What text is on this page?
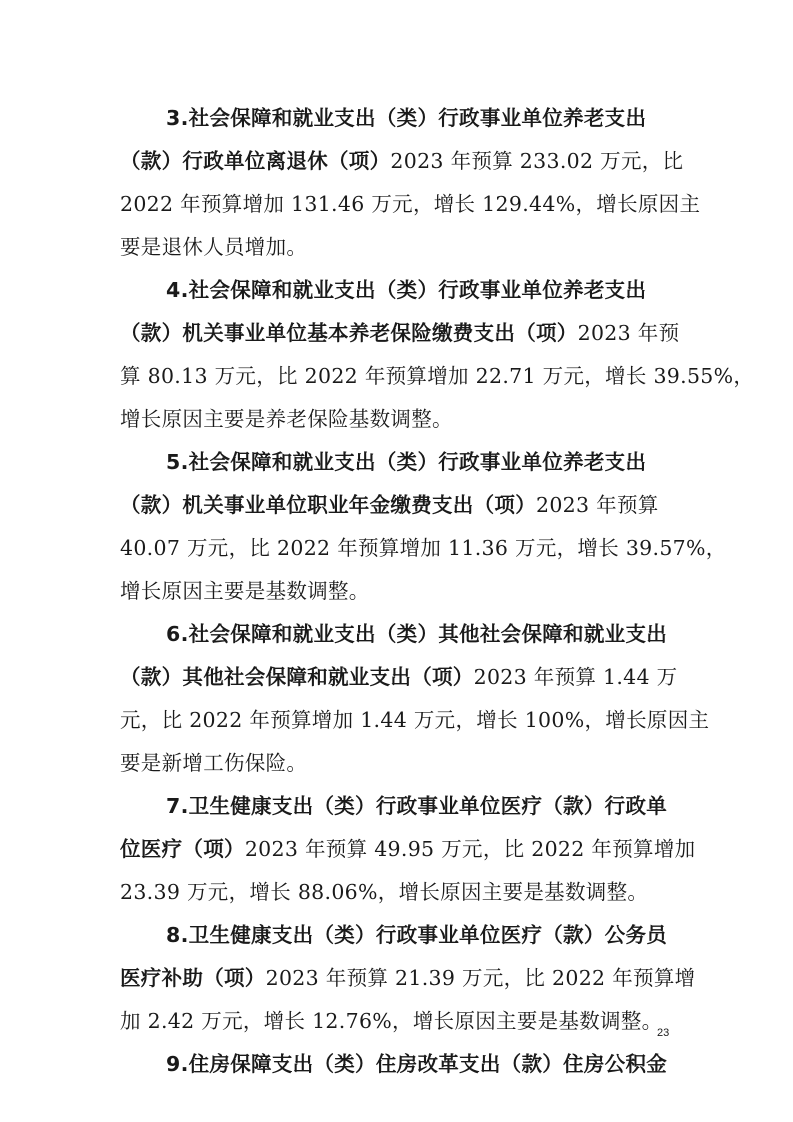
3.社会保障和就业支出（类）行政事业单位养老支出
（款）行政单位离退休（项）2023 年预算 233.02 万元，比
2022 年预算增加 131.46 万元，增长 129.44%，增长原因主
要是退休人员增加。
4.社会保障和就业支出（类）行政事业单位养老支出
（款）机关事业单位基本养老保险缴费支出（项）2023 年预
算 80.13 万元，比 2022 年预算增加 22.71 万元，增长 39.55%，
增长原因主要是养老保险基数调整。
5.社会保障和就业支出（类）行政事业单位养老支出
（款）机关事业单位职业年金缴费支出（项）2023 年预算
40.07 万元，比 2022 年预算增加 11.36 万元，增长 39.57%，
增长原因主要是基数调整。
6.社会保障和就业支出（类）其他社会保障和就业支出
（款）其他社会保障和就业支出（项）2023 年预算 1.44 万
元，比 2022 年预算增加 1.44 万元，增长 100%，增长原因主
要是新增工伤保险。
7.卫生健康支出（类）行政事业单位医疗（款）行政单
位医疗（项）2023 年预算 49.95 万元，比 2022 年预算增加
23.39 万元，增长 88.06%，增长原因主要是基数调整。
8.卫生健康支出（类）行政事业单位医疗（款）公务员
医疗补助（项）2023 年预算 21.39 万元，比 2022 年预算增
加 2.42 万元，增长 12.76%，增长原因主要是基数调整。
9.住房保障支出（类）住房改革支出（款）住房公积金
23
